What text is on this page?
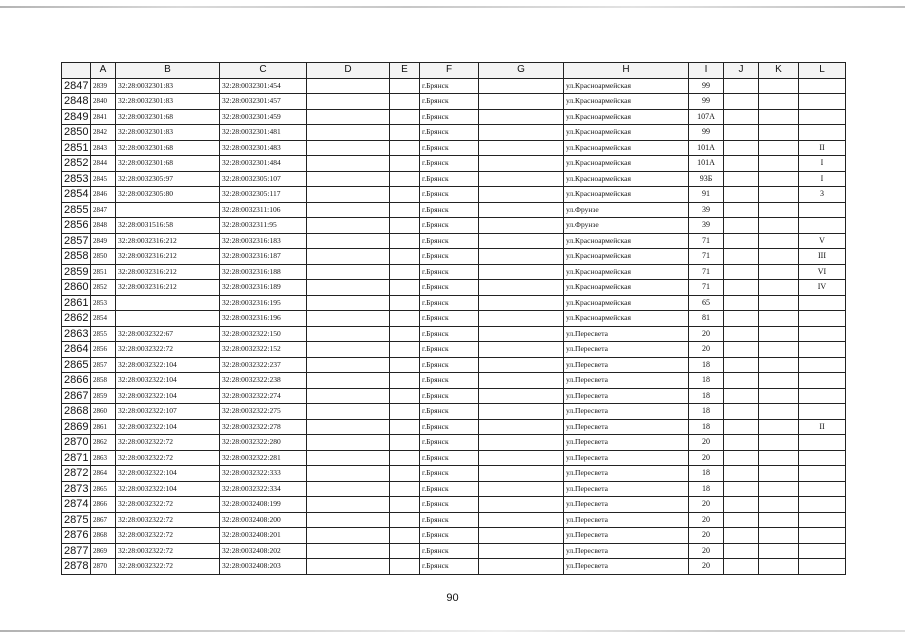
	A	B	C	D	E	F	G	H	I	J	K	L
2847	2839	32:28:0032301:83	32:28:0032301:454			г.Брянск		ул.Красноармейская	99			
2848	2840	32:28:0032301:83	32:28:0032301:457			г.Брянск		ул.Красноармейская	99			
2849	2841	32:28:0032301:68	32:28:0032301:459			г.Брянск		ул.Красноармейская	107А			
2850	2842	32:28:0032301:83	32:28:0032301:481			г.Брянск		ул.Красноармейская	99			
2851	2843	32:28:0032301:68	32:28:0032301:483			г.Брянск		ул.Красноармейская	101А			II
2852	2844	32:28:0032301:68	32:28:0032301:484			г.Брянск		ул.Красноармейская	101А			I
2853	2845	32:28:0032305:97	32:28:0032305:107			г.Брянск		ул.Красноармейская	93Б			I
2854	2846	32:28:0032305:80	32:28:0032305:117			г.Брянск		ул.Красноармейская	91			3
2855	2847		32:28:0032311:106			г.Брянск		ул.Фрунзе	39			
2856	2848	32:28:0031516:58	32:28:0032311:95			г.Брянск		ул.Фрунзе	39			
2857	2849	32:28:0032316:212	32:28:0032316:183			г.Брянск		ул.Красноармейская	71			V
2858	2850	32:28:0032316:212	32:28:0032316:187			г.Брянск		ул.Красноармейская	71			III
2859	2851	32:28:0032316:212	32:28:0032316:188			г.Брянск		ул.Красноармейская	71			VI
2860	2852	32:28:0032316:212	32:28:0032316:189			г.Брянск		ул.Красноармейская	71			IV
2861	2853		32:28:0032316:195			г.Брянск		ул.Красноармейская	65			
2862	2854		32:28:0032316:196			г.Брянск		ул.Красноармейская	81			
2863	2855	32:28:0032322:67	32:28:0032322:150			г.Брянск		ул.Пересвета	20			
2864	2856	32:28:0032322:72	32:28:0032322:152			г.Брянск		ул.Пересвета	20			
2865	2857	32:28:0032322:104	32:28:0032322:237			г.Брянск		ул.Пересвета	18			
2866	2858	32:28:0032322:104	32:28:0032322:238			г.Брянск		ул.Пересвета	18			
2867	2859	32:28:0032322:104	32:28:0032322:274			г.Брянск		ул.Пересвета	18			
2868	2860	32:28:0032322:107	32:28:0032322:275			г.Брянск		ул.Пересвета	18			
2869	2861	32:28:0032322:104	32:28:0032322:278			г.Брянск		ул.Пересвета	18			II
2870	2862	32:28:0032322:72	32:28:0032322:280			г.Брянск		ул.Пересвета	20			
2871	2863	32:28:0032322:72	32:28:0032322:281			г.Брянск		ул.Пересвета	20			
2872	2864	32:28:0032322:104	32:28:0032322:333			г.Брянск		ул.Пересвета	18			
2873	2865	32:28:0032322:104	32:28:0032322:334			г.Брянск		ул.Пересвета	18			
2874	2866	32:28:0032322:72	32:28:0032408:199			г.Брянск		ул.Пересвета	20			
2875	2867	32:28:0032322:72	32:28:0032408:200			г.Брянск		ул.Пересвета	20			
2876	2868	32:28:0032322:72	32:28:0032408:201			г.Брянск		ул.Пересвета	20			
2877	2869	32:28:0032322:72	32:28:0032408:202			г.Брянск		ул.Пересвета	20			
2878	2870	32:28:0032322:72	32:28:0032408:203			г.Брянск		ул.Пересвета	20			
90
